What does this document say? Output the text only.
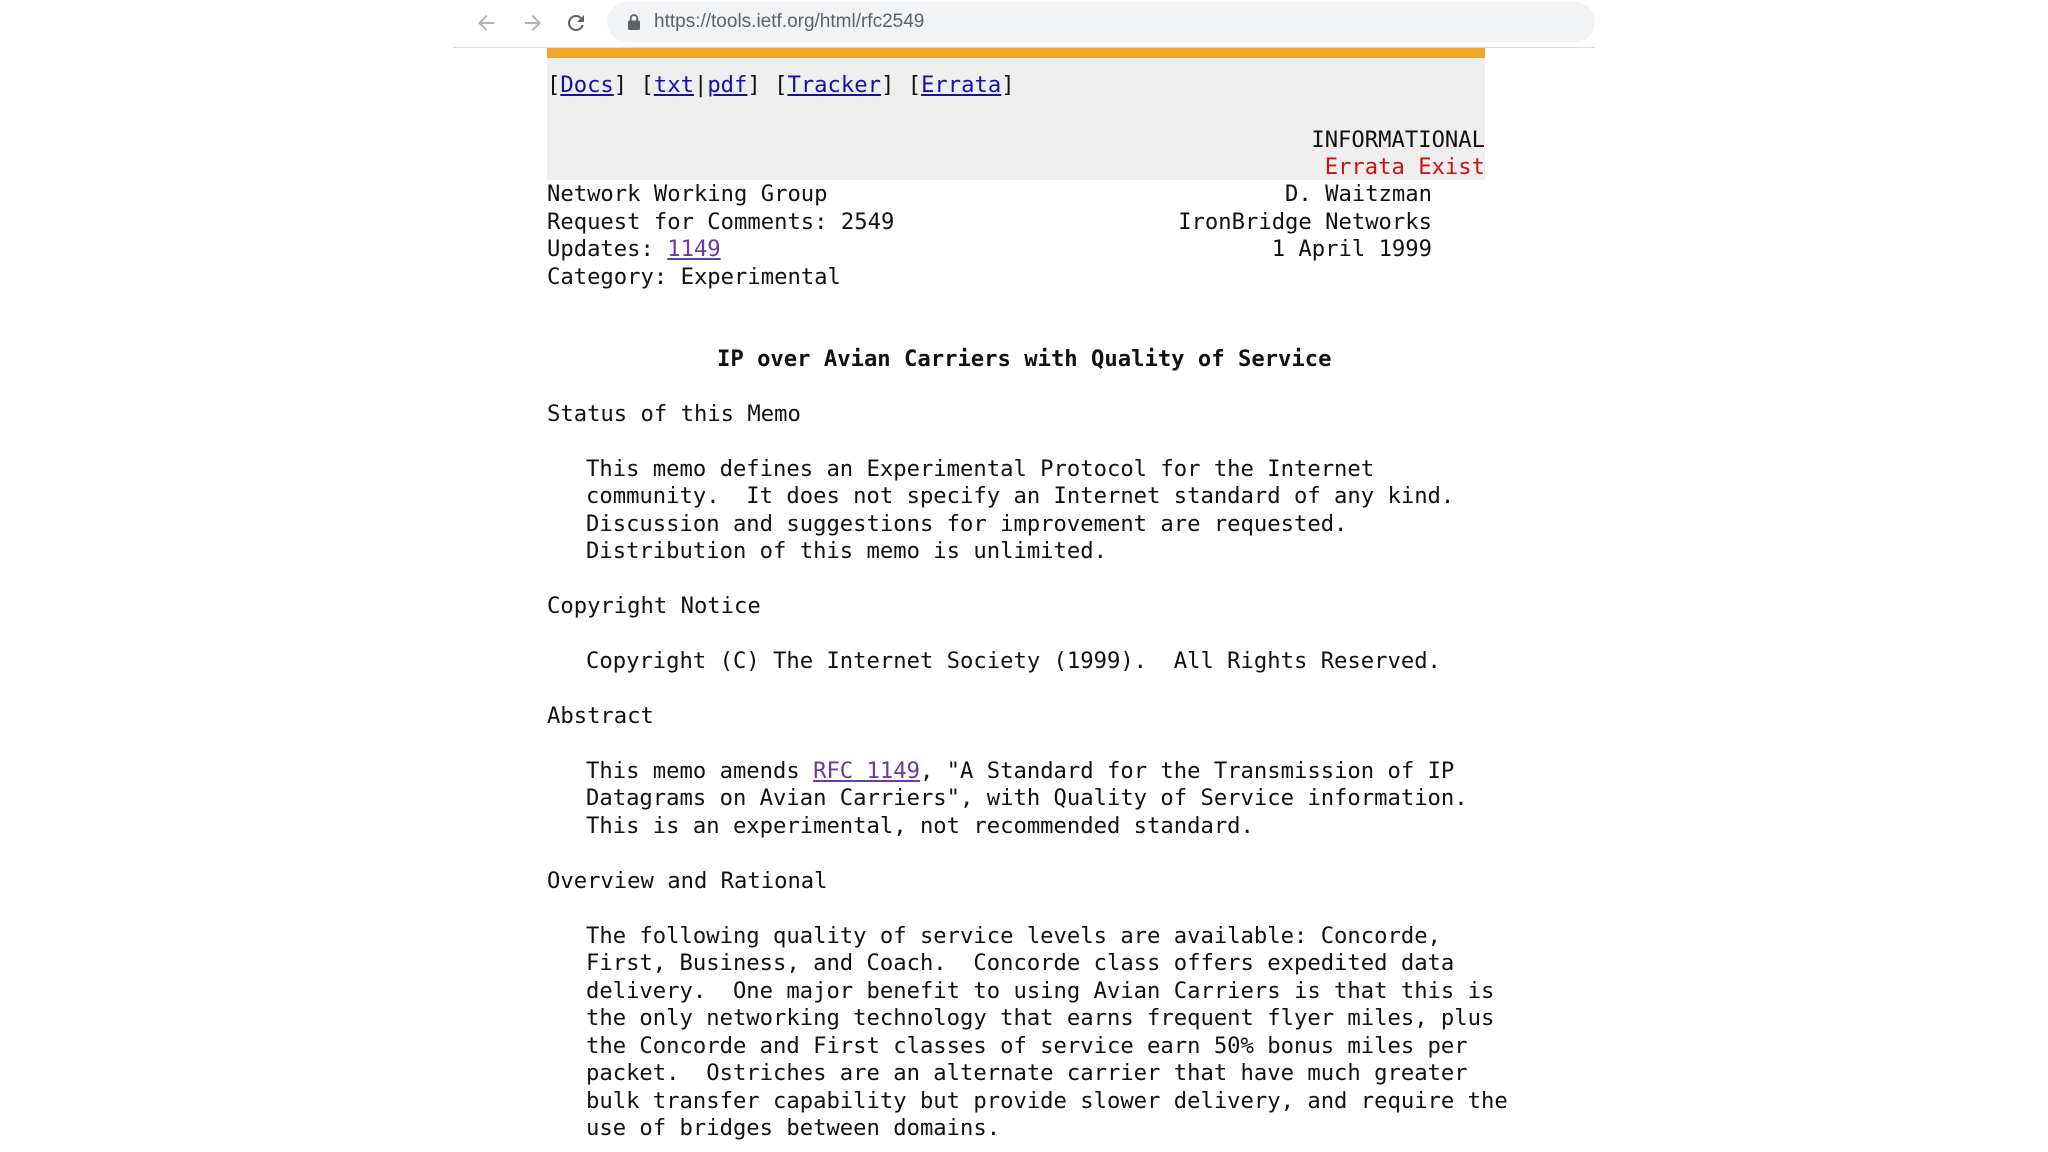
https://tools.ietf.org/html/rfc2549
[Docs] [txt|pdf] [Tracker] [Errata]
INFORMATIONAL
Errata Exist
Network Working Group
Request for Comments: 2549
Updates: 1149
Category: Experimental
D. Waitzman
IronBridge Networks
1 April 1999
IP over Avian Carriers with Quality of Service
Status of this Memo
This memo defines an Experimental Protocol for the Internet
community.  It does not specify an Internet standard of any kind.
Discussion and suggestions for improvement are requested.
Distribution of this memo is unlimited.
Copyright Notice
Copyright (C) The Internet Society (1999).  All Rights Reserved.
Abstract
This memo amends RFC 1149, "A Standard for the Transmission of IP
Datagrams on Avian Carriers", with Quality of Service information.
This is an experimental, not recommended standard.
Overview and Rational
The following quality of service levels are available: Concorde,
First, Business, and Coach.  Concorde class offers expedited data
delivery.  One major benefit to using Avian Carriers is that this is
the only networking technology that earns frequent flyer miles, plus
the Concorde and First classes of service earn 50% bonus miles per
packet.  Ostriches are an alternate carrier that have much greater
bulk transfer capability but provide slower delivery, and require the
use of bridges between domains.
